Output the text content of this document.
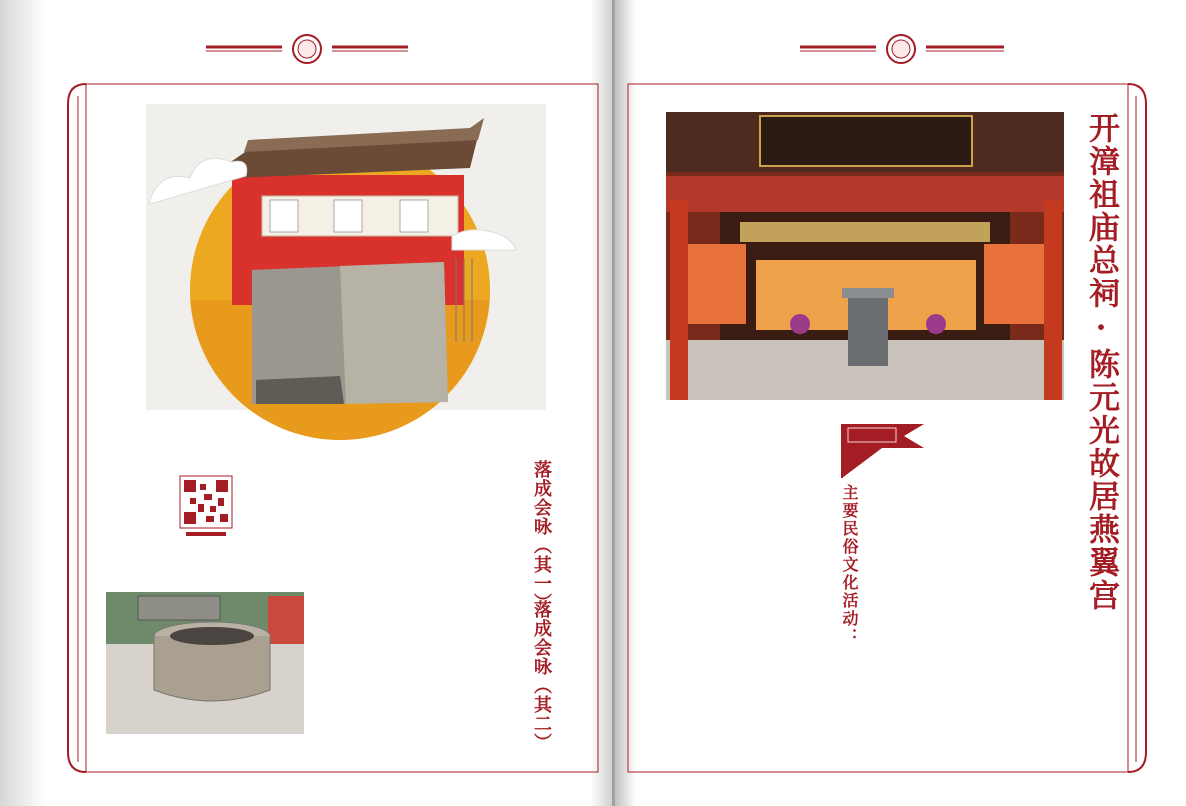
开漳祖庙总祠·陈元光故居燕翼宫
主要民俗文化活动：
落成会咏（其一）
落成会咏（其二）
